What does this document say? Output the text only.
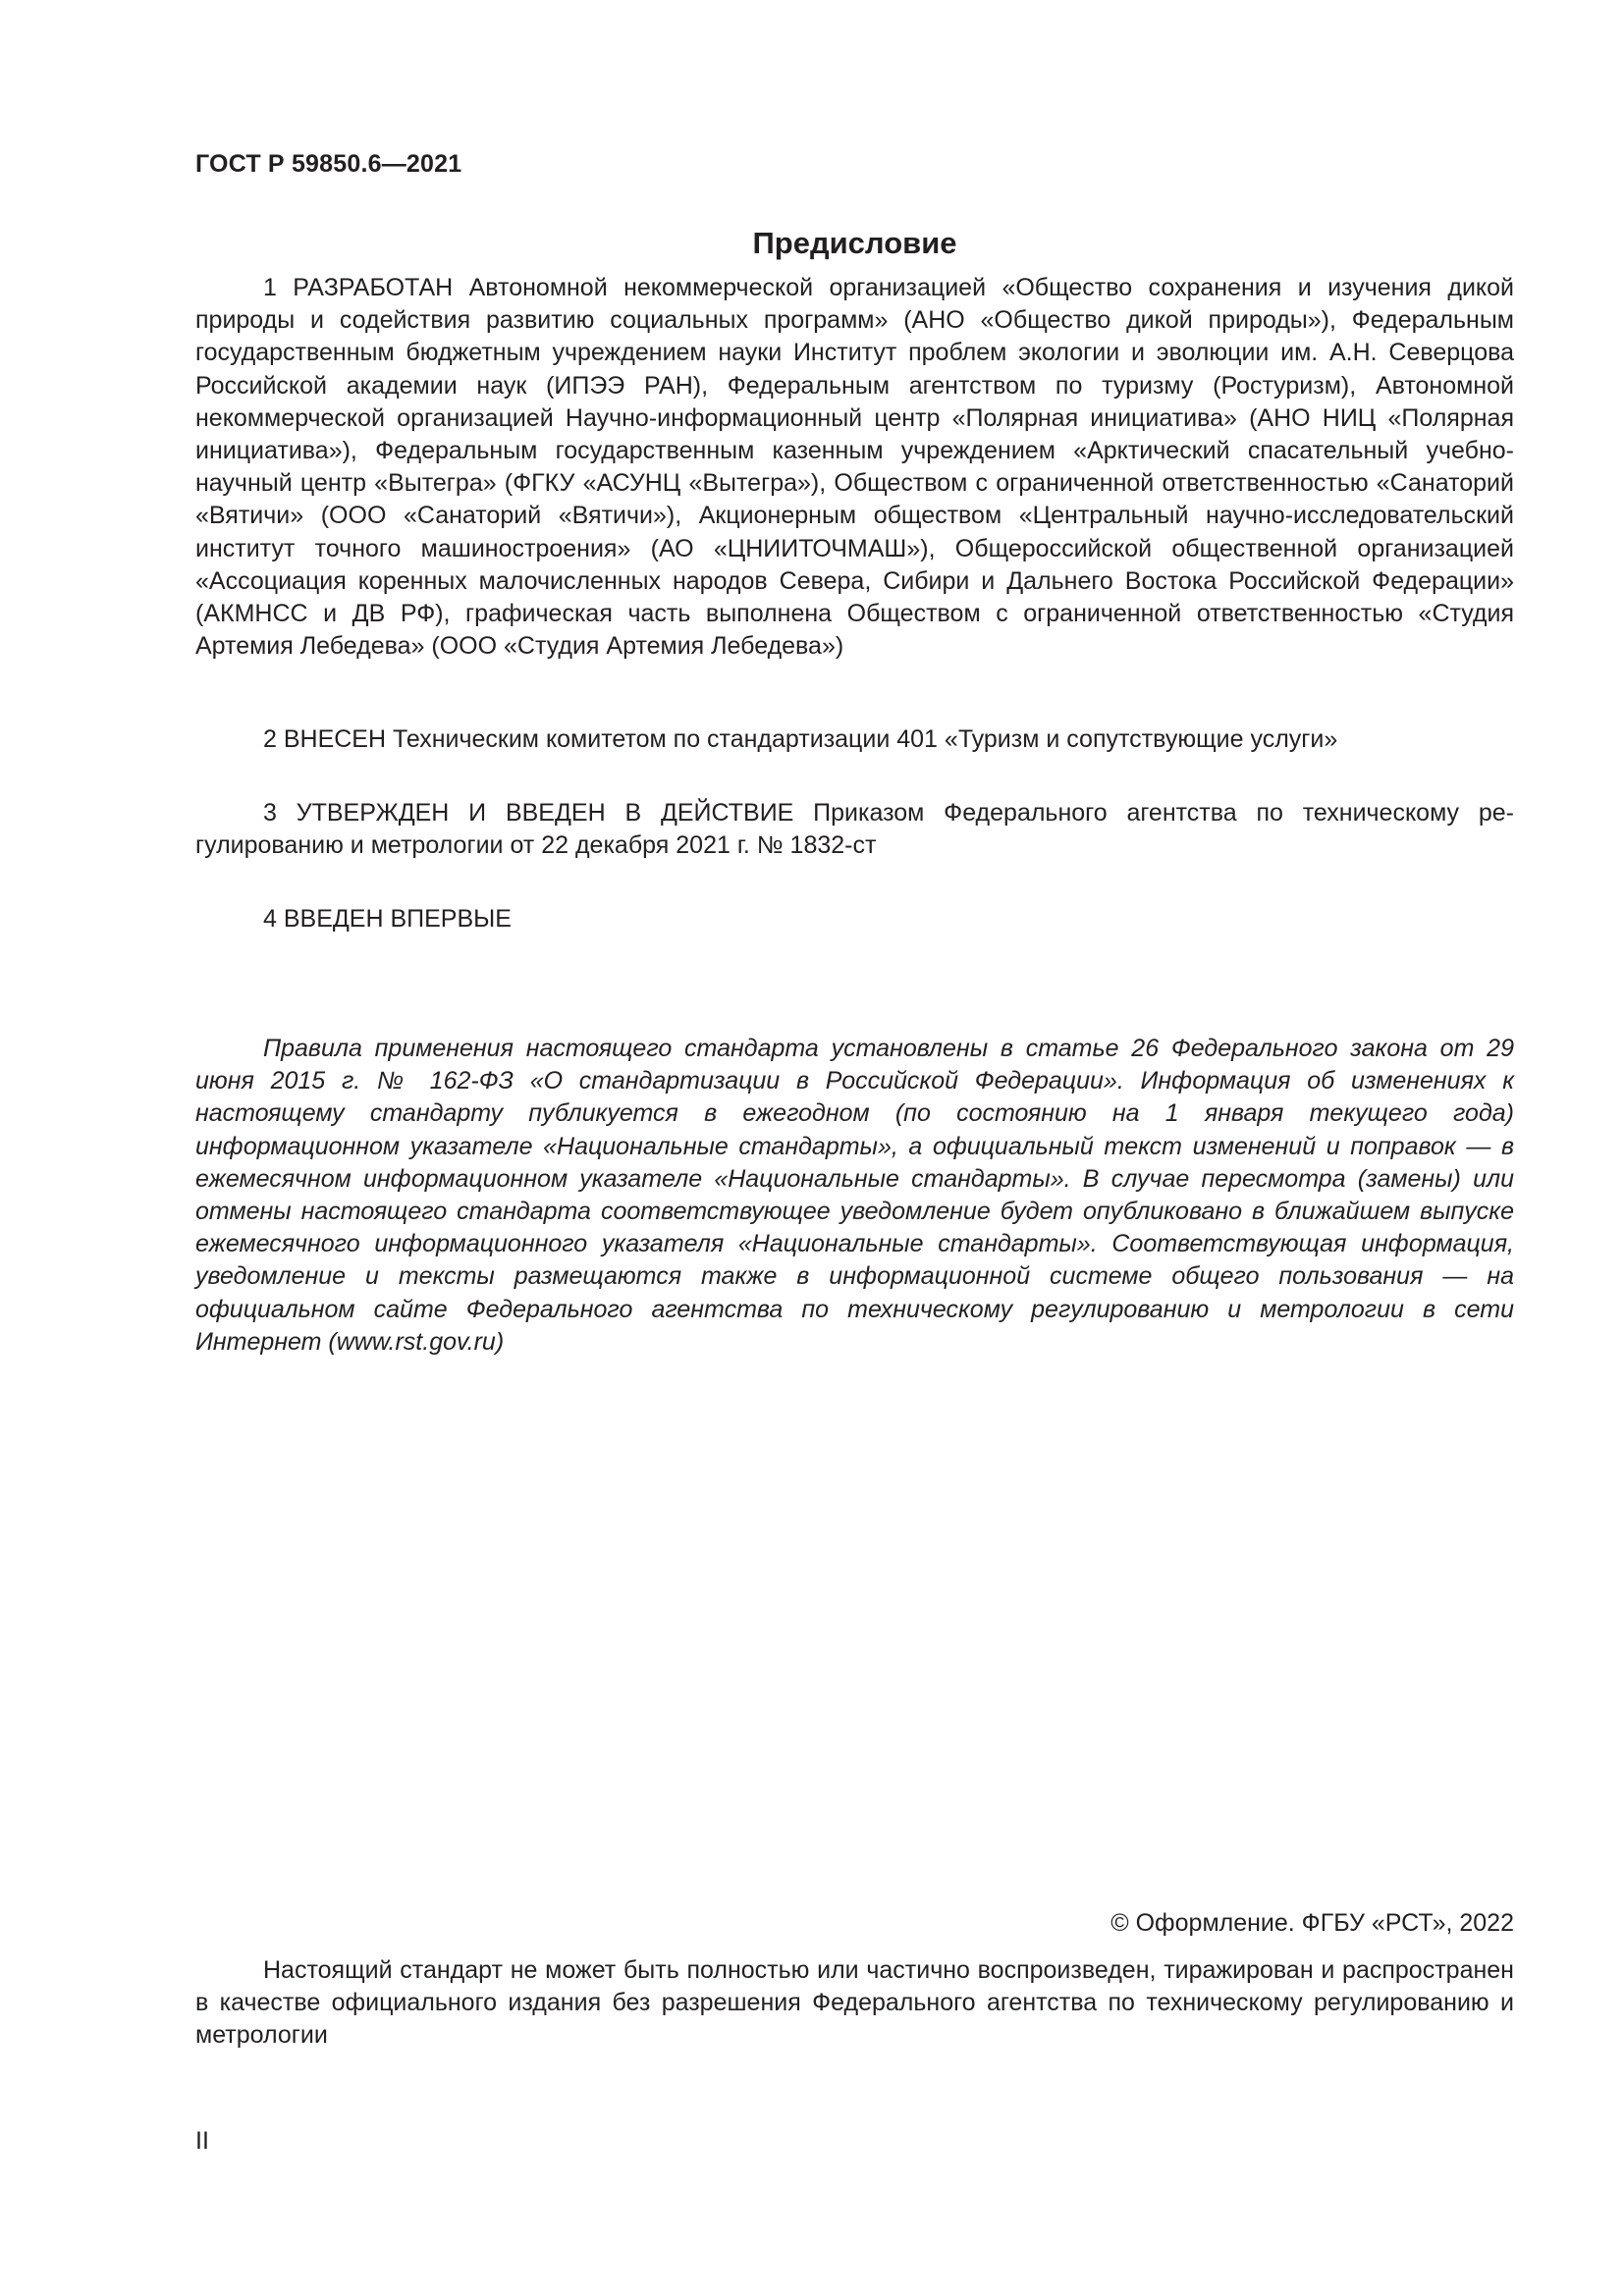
ГОСТ Р 59850.6—2021
Предисловие

1 РАЗРАБОТАН Автономной некоммерческой организацией «Общество сохранения и изучения дикой природы и содействия развитию социальных программ» (АНО «Общество дикой природы»), Федеральным государственным бюджетным учреждением науки Институт проблем экологии и эволюции им. А.Н. Северцова Российской академии наук (ИПЭЭ РАН), Федеральным агентством по туризму (Ростуризм), Автономной некоммерческой организацией Научно-информационный центр «Полярная инициатива» (АНО НИЦ «Полярная инициатива»), Федеральным государственным казенным учреждением «Арктический спасательный учебно-научный центр «Вытегра» (ФГКУ «АСУНЦ «Вытегра»), Обществом с ограниченной ответственностью «Санаторий «Вятичи» (ООО «Санаторий «Вятичи»), Акционерным обществом «Центральный научно-исследовательский институт точного машиностроения» (АО «ЦНИИТОЧМАШ»), Общероссийской общественной организацией «Ассоциация коренных малочисленных народов Севера, Сибири и Дальнего Востока Российской Федерации» (АКМНСС и ДВ РФ), графическая часть выполнена Обществом с ограниченной ответственностью «Студия Артемия Лебедева» (ООО «Студия Артемия Лебедева»)

2 ВНЕСЕН Техническим комитетом по стандартизации 401 «Туризм и сопутствующие услуги»

3 УТВЕРЖДЕН И ВВЕДЕН В ДЕЙСТВИЕ Приказом Федерального агентства по техническому регулированию и метрологии от 22 декабря 2021 г. № 1832-ст

4 ВВЕДЕН ВПЕРВЫЕ

Правила применения настоящего стандарта установлены в статье 26 Федерального закона от 29 июня 2015 г. № 162-ФЗ «О стандартизации в Российской Федерации». Информация об изменениях к настоящему стандарту публикуется в ежегодном (по состоянию на 1 января текущего года) информационном указателе «Национальные стандарты», а официальный текст изменений и поправок — в ежемесячном информационном указателе «Национальные стандарты». В случае пересмотра (замены) или отмены настоящего стандарта соответствующее уведомление будет опубликовано в ближайшем выпуске ежемесячного информационного указателя «Национальные стандарты». Соответствующая информация, уведомление и тексты размещаются также в информационной системе общего пользования — на официальном сайте Федерального агентства по техническому регулированию и метрологии в сети Интернет (www.rst.gov.ru)

© Оформление. ФГБУ «РСТ», 2022

Настоящий стандарт не может быть полностью или частично воспроизведен, тиражирован и распространен в качестве официального издания без разрешения Федерального агентства по техническому регулированию и метрологии

II
